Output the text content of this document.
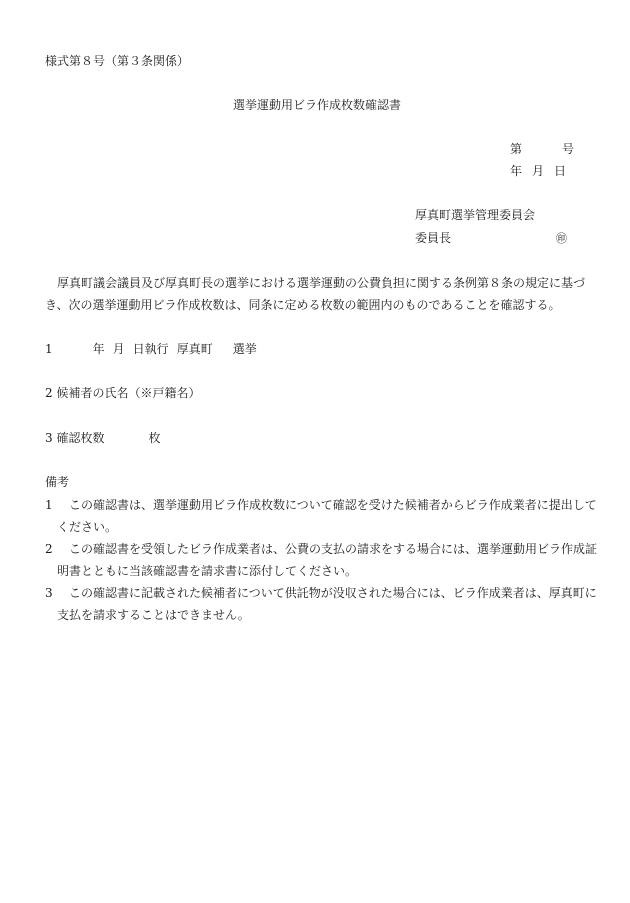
様式第８号（第３条関係）
選挙運動用ビラ作成枚数確認書
第	号
年 月 日
厚真町選挙管理委員会
委員長	㊞
厚真町議会議員及び厚真町長の選挙における選挙運動の公費負担に関する条例第８条の規定に基づき、次の選挙運動用ビラ作成枚数は、同条に定める枚数の範囲内のものであることを確認する。
1	年 月 日執行 厚真町 選挙
2 候補者の氏名（※戸籍名）
3 確認枚数	枚
備考
1 この確認書は、選挙運動用ビラ作成枚数について確認を受けた候補者からビラ作成業者に提出してください。
2 この確認書を受領したビラ作成業者は、公費の支払の請求をする場合には、選挙運動用ビラ作成証明書とともに当該確認書を請求書に添付してください。
3 この確認書に記載された候補者について供託物が没収された場合には、ビラ作成業者は、厚真町に支払を請求することはできません。
